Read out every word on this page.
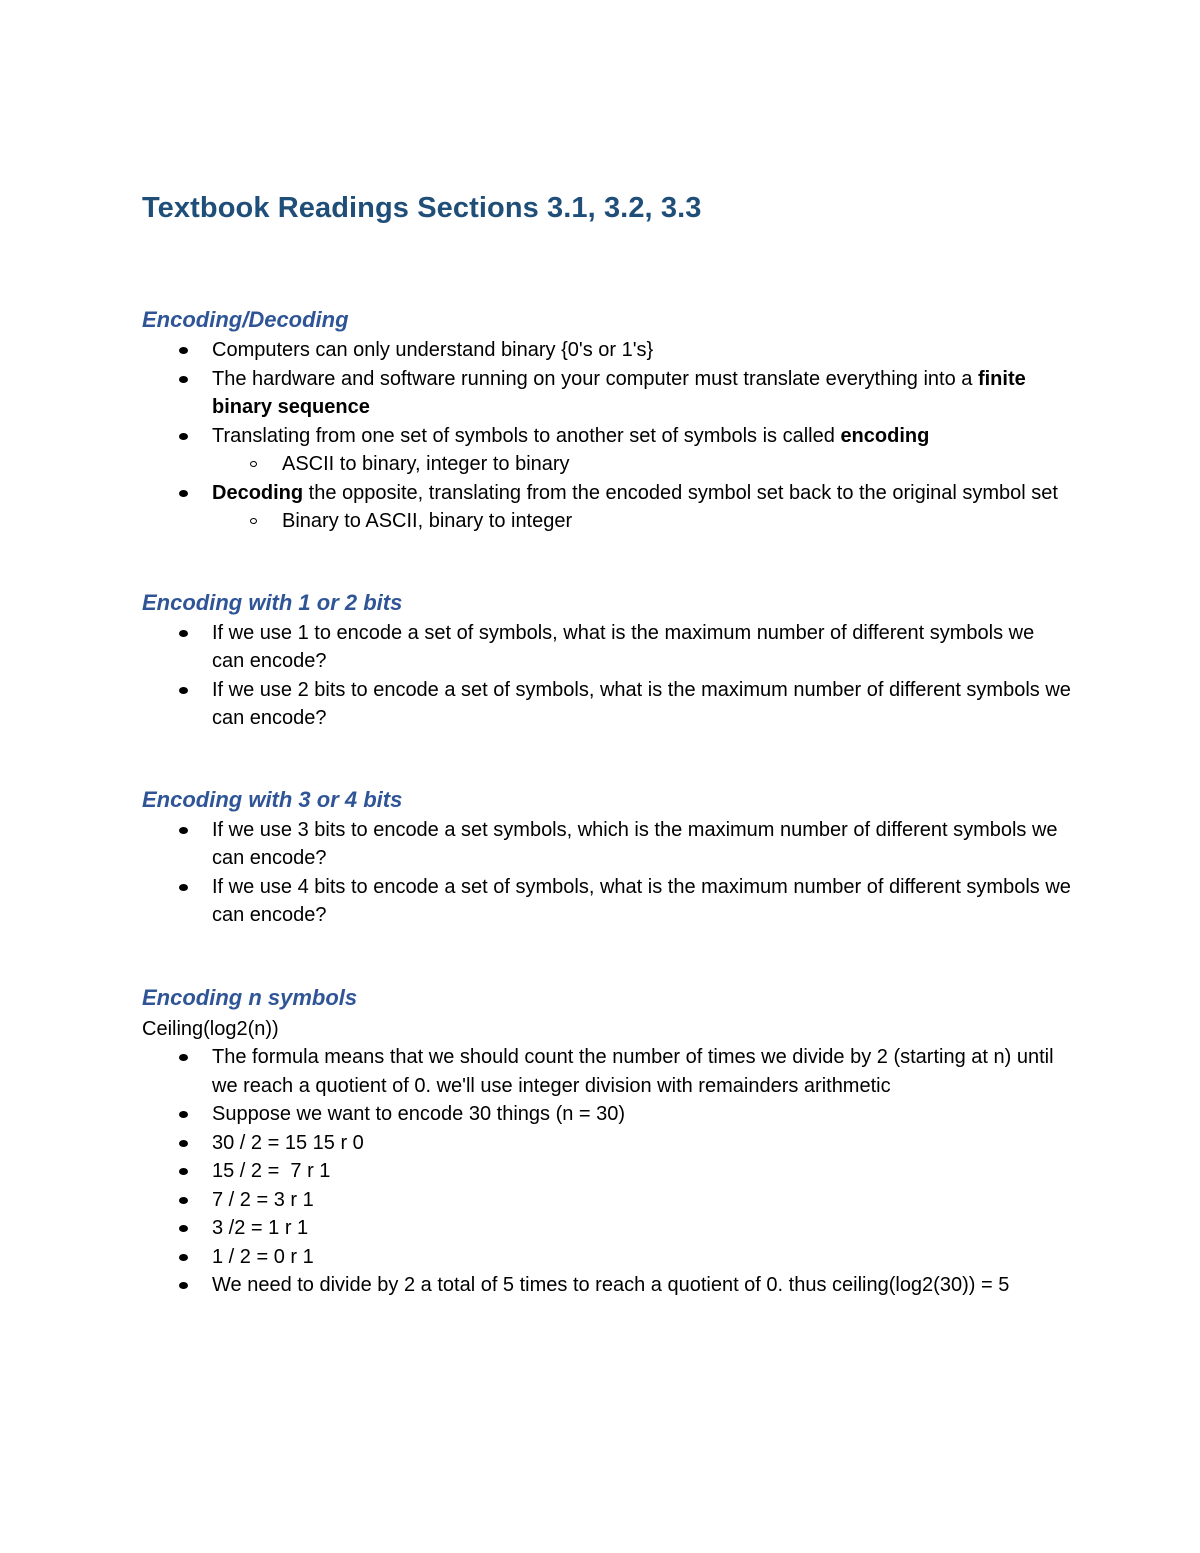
Textbook Readings Sections 3.1, 3.2, 3.3
Encoding/Decoding
Computers can only understand binary {0's or 1's}
The hardware and software running on your computer must translate everything into a finite binary sequence
Translating from one set of symbols to another set of symbols is called encoding
ASCII to binary, integer to binary
Decoding the opposite, translating from the encoded symbol set back to the original symbol set
Binary to ASCII, binary to integer
Encoding with 1 or 2 bits
If we use 1 to encode a set of symbols, what is the maximum number of different symbols we can encode?
If we use 2 bits to encode a set of symbols, what is the maximum number of different symbols we can encode?
Encoding with 3 or 4 bits
If we use 3 bits to encode a set symbols, which is the maximum number of different symbols we can encode?
If we use 4 bits to encode a set of symbols, what is the maximum number of different symbols we can encode?
Encoding n symbols
Ceiling(log2(n))
The formula means that we should count the number of times we divide by 2 (starting at n) until we reach a quotient of 0. we'll use integer division with remainders arithmetic
Suppose we want to encode 30 things (n = 30)
30 / 2 = 15 15 r 0
15 / 2 =  7 r 1
7 / 2 = 3 r 1
3 /2 = 1 r 1
1 / 2 = 0 r 1
We need to divide by 2 a total of 5 times to reach a quotient of 0. thus ceiling(log2(30)) = 5
